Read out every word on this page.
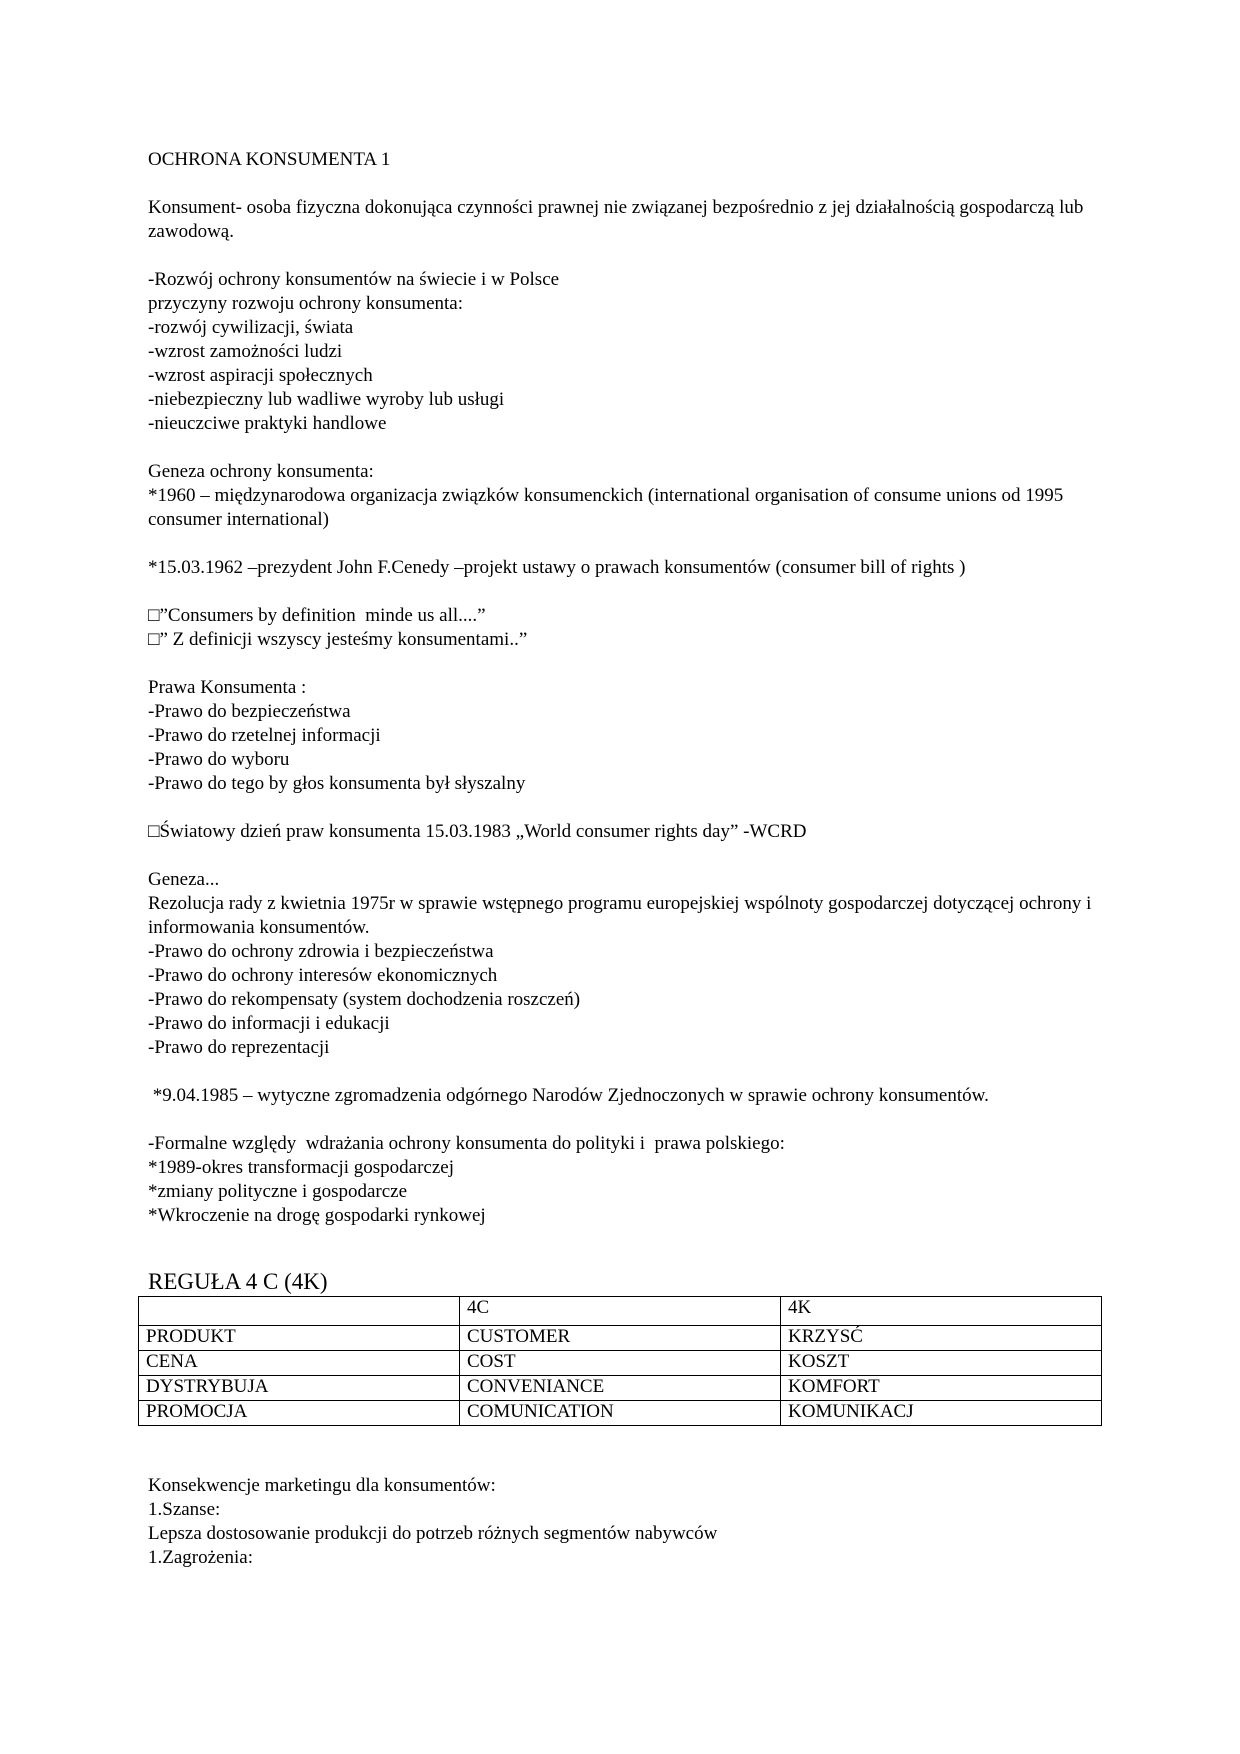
OCHRONA KONSUMENTA 1

Konsument- osoba fizyczna dokonująca czynności prawnej nie związanej bezpośrednio z jej działalnością gospodarczą lub zawodową.

-Rozwój ochrony konsumentów na świecie i w Polsce

przyczyny rozwoju ochrony konsumenta:

-rozwój cywilizacji, świata

-wzrost zamożności ludzi

-wzrost aspiracji społecznych

-niebezpieczny lub wadliwe wyroby lub usługi

-nieuczciwe praktyki handlowe

Geneza ochrony konsumenta:

*1960 – międzynarodowa organizacja związków konsumenckich (international organisation of consume unions od 1995 consumer international)

*15.03.1962 –prezydent John F.Cenedy –projekt ustawy o prawach konsumentów (consumer bill of rights )

□”Consumers by definition  minde us all....”

□” Z definicji wszyscy jesteśmy konsumentami..”

Prawa Konsumenta :

-Prawo do bezpieczeństwa

-Prawo do rzetelnej informacji

-Prawo do wyboru

-Prawo do tego by głos konsumenta był słyszalny

□Światowy dzień praw konsumenta 15.03.1983 „World consumer rights day” -WCRD

Geneza...

Rezolucja rady z kwietnia 1975r w sprawie wstępnego programu europejskiej wspólnoty gospodarczej dotyczącej ochrony i informowania konsumentów.

-Prawo do ochrony zdrowia i bezpieczeństwa

-Prawo do ochrony interesów ekonomicznych

-Prawo do rekompensaty (system dochodzenia roszczeń)

-Prawo do informacji i edukacji

-Prawo do reprezentacji

*9.04.1985 – wytyczne zgromadzenia odgórnego Narodów Zjednoczonych w sprawie ochrony konsumentów.

-Formalne względy  wdrażania ochrony konsumenta do polityki i  prawa polskiego:

*1989-okres transformacji gospodarczej

*zmiany polityczne i gospodarcze

*Wkroczenie na drogę gospodarki rynkowej

REGUŁA 4 C (4K)

	4C	4K
PRODUKT	CUSTOMER	KRZYSĆ
CENA	COST	KOSZT
DYSTRYBUJA	CONVENIANCE	KOMFORT
PROMOCJA	COMUNICATION	KOMUNIKACJ

Konsekwencje marketingu dla konsumentów:

1.Szanse:

Lepsza dostosowanie produkcji do potrzeb różnych segmentów nabywców

1.Zagrożenia:
